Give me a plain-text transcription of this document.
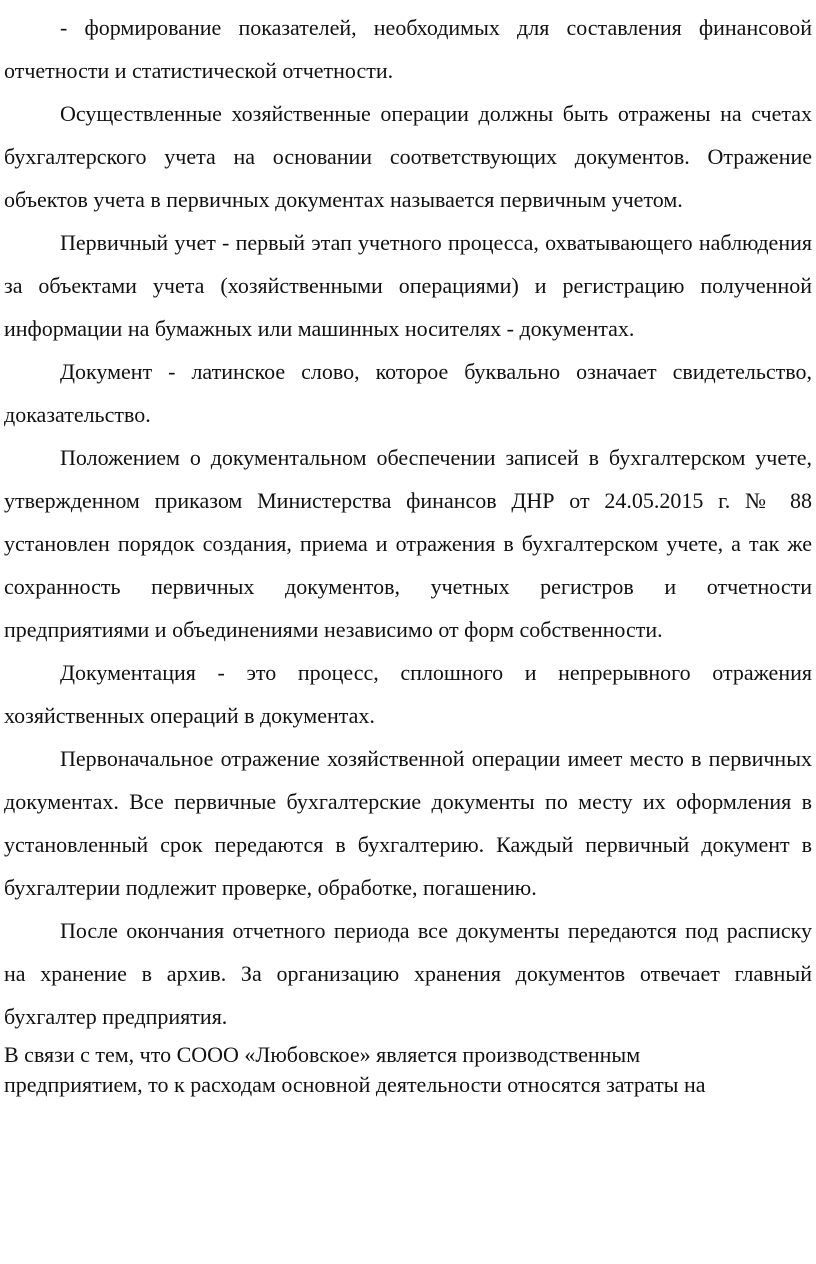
- формирование показателей, необходимых для составления финансовой отчетности и статистической отчетности.

Осуществленные хозяйственные операции должны быть отражены на счетах бухгалтерского учета на основании соответствующих документов. Отражение объектов учета в первичных документах называется первичным учетом.

Первичный учет - первый этап учетного процесса, охватывающего наблюдения за объектами учета (хозяйственными операциями) и регистрацию полученной информации на бумажных или машинных носителях - документах.

Документ - латинское слово, которое буквально означает свидетельство, доказательство.

Положением о документальном обеспечении записей в бухгалтерском учете, утвержденном приказом Министерства финансов ДНР от 24.05.2015 г. № 88 установлен порядок создания, приема и отражения в бухгалтерском учете, а так же сохранность первичных документов, учетных регистров и отчетности предприятиями и объединениями независимо от форм собственности.

Документация - это процесс, сплошного и непрерывного отражения хозяйственных операций в документах.

Первоначальное отражение хозяйственной операции имеет место в первичных документах. Все первичные бухгалтерские документы по месту их оформления в установленный срок передаются в бухгалтерию. Каждый первичный документ в бухгалтерии подлежит проверке, обработке, погашению.

После окончания отчетного периода все документы передаются под расписку на хранение в архив. За организацию хранения документов отвечает главный бухгалтер предприятия.

В связи с тем, что СООО «Любовское» является производственным

предприятием, то к расходам основной деятельности относятся затраты на
